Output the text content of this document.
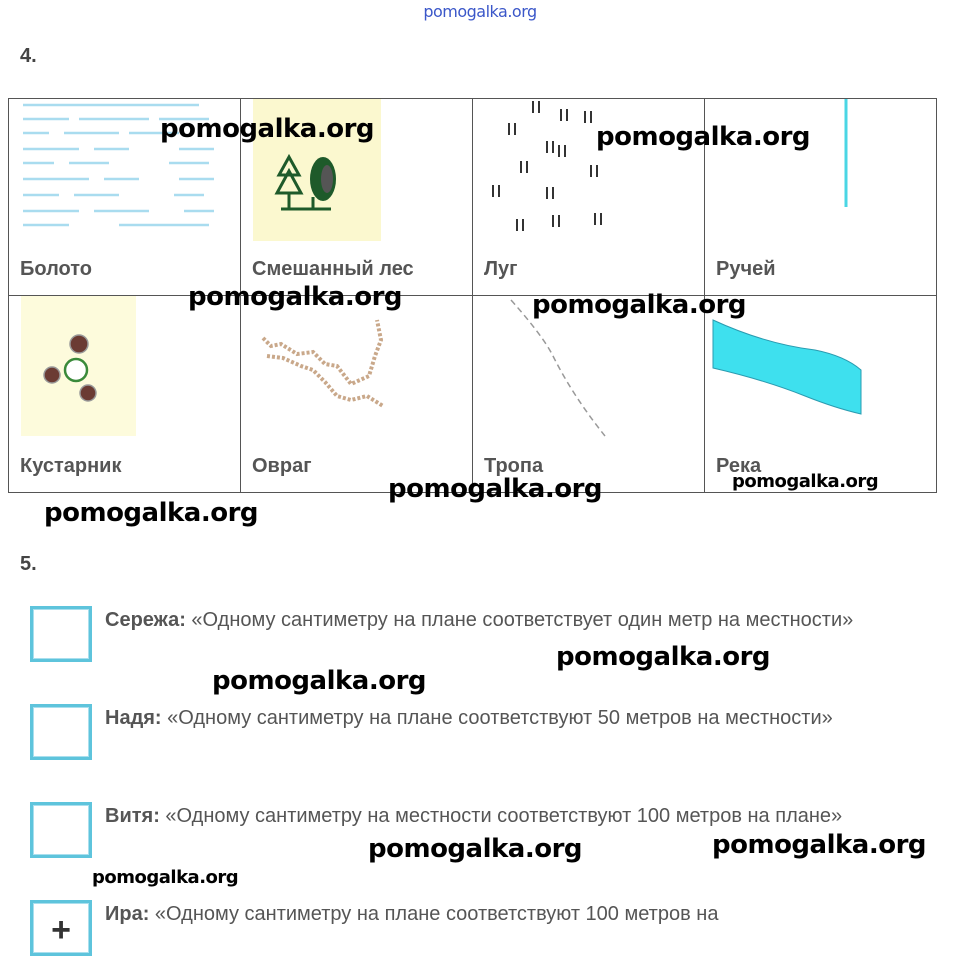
pomogalka.org
4.
Болото	Смешанный лес	Луг	Ручей

Кустарник	Овраг	Тропа	Река
5.
Сережа: «Одному сантиметру на плане соответствует один метр на местности»
Надя: «Одному сантиметру на плане соответствуют 50 метров на местности»
Витя: «Одному сантиметру на местности соответствуют 100 метров на плане»
+	Ира: «Одному сантиметру на плане соответствуют 100 метров на
pomogalka.org	pomogalka.org
pomogalka.org	pomogalka.org
pomogalka.org	pomogalka.org
pomogalka.org
pomogalka.org
pomogalka.org
pomogalka.org	pomogalka.org
pomogalka.org
